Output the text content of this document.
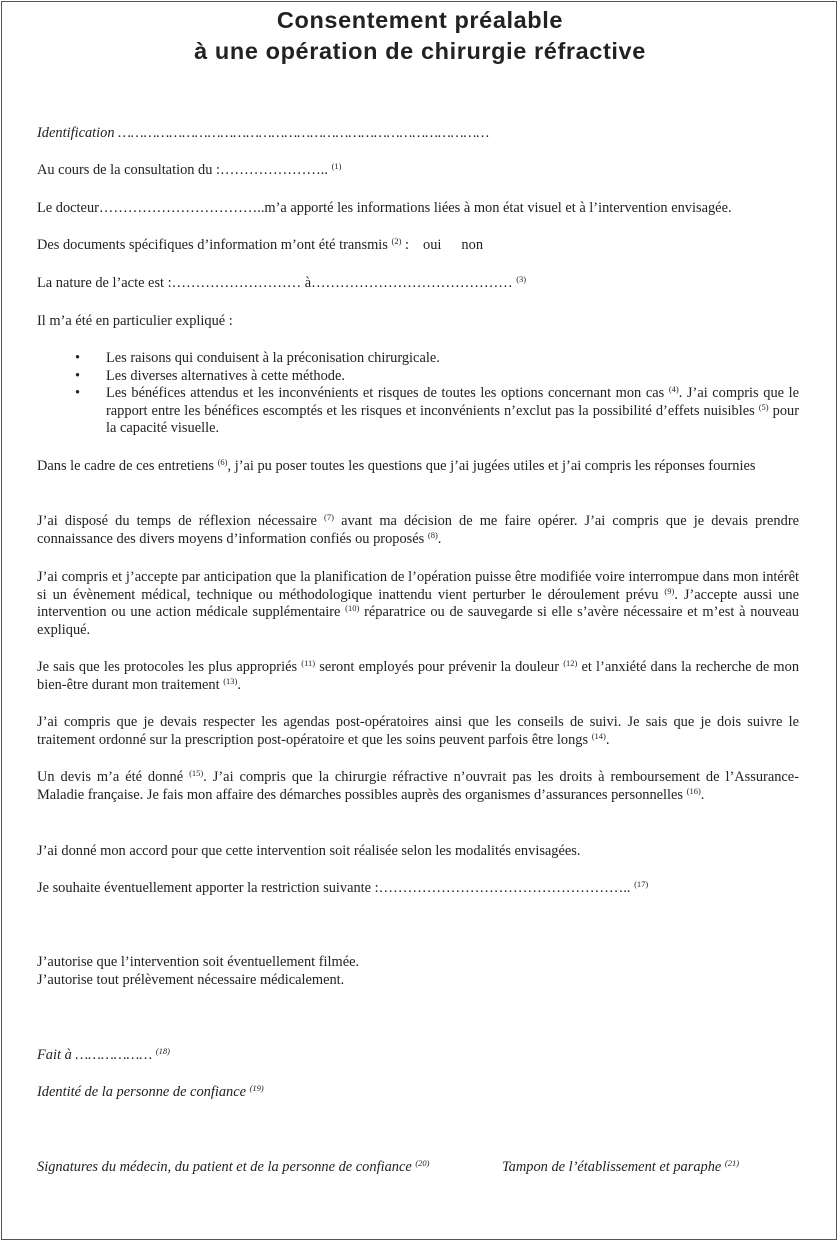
Consentement préalable
à une opération de chirurgie réfractive
Identification ……………………………………………………………………………
Au cours de la consultation du :………………….. $^{(1)}$
Le docteur……………………………..m’a apporté les informations liées à mon état visuel et à l’intervention envisagée.
Des documents spécifiques d’information m’ont été transmis $^{(2)}$ : oui non
La nature de l’acte est :……………………… à…………………………………… $^{(3)}$
Il m’a été en particulier expliqué :
• Les raisons qui conduisent à la préconisation chirurgicale.
• Les diverses alternatives à cette méthode.
• Les bénéfices attendus et les inconvénients et risques de toutes les options concernant mon cas $^{(4)}$. J’ai compris que le rapport entre les bénéfices escomptés et les risques et inconvénients n’exclut pas la possibilité d’effets nuisibles $^{(5)}$ pour la capacité visuelle.
Dans le cadre de ces entretiens $^{(6)}$, j’ai pu poser toutes les questions que j’ai jugées utiles et j’ai compris les réponses fournies
J’ai disposé du temps de réflexion nécessaire $^{(7)}$ avant ma décision de me faire opérer. J’ai compris que je devais prendre connaissance des divers moyens d’information confiés ou proposés $^{(8)}$.
J’ai compris et j’accepte par anticipation que la planification de l’opération puisse être modifiée voire interrompue dans mon intérêt si un évènement médical, technique ou méthodologique inattendu vient perturber le déroulement prévu $^{(9)}$. J’accepte aussi une intervention ou une action médicale supplémentaire $^{(10)}$ réparatrice ou de sauvegarde si elle s’avère nécessaire et m’est à nouveau expliqué.
Je sais que les protocoles les plus appropriés $^{(11)}$ seront employés pour prévenir la douleur $^{(12)}$ et l’anxiété dans la recherche de mon bien-être durant mon traitement $^{(13)}$.
J’ai compris que je devais respecter les agendas post-opératoires ainsi que les conseils de suivi. Je sais que je dois suivre le traitement ordonné sur la prescription post-opératoire et que les soins peuvent parfois être longs $^{(14)}$.
Un devis m’a été donné $^{(15)}$. J’ai compris que la chirurgie réfractive n’ouvrait pas les droits à remboursement de l’Assurance-Maladie française. Je fais mon affaire des démarches possibles auprès des organismes d’assurances personnelles $^{(16)}$.
J’ai donné mon accord pour que cette intervention soit réalisée selon les modalités envisagées.
Je souhaite éventuellement apporter la restriction suivante :…………………………………………….. $^{(17)}$
J’autorise que l’intervention soit éventuellement filmée.
J’autorise tout prélèvement nécessaire médicalement.
Fait à ……………… $^{(18)}$
Identité de la personne de confiance $^{(19)}$
Signatures du médecin, du patient et de la personne de confiance $^{(20)}$	Tampon de l’établissement et paraphe $^{(21)}$
